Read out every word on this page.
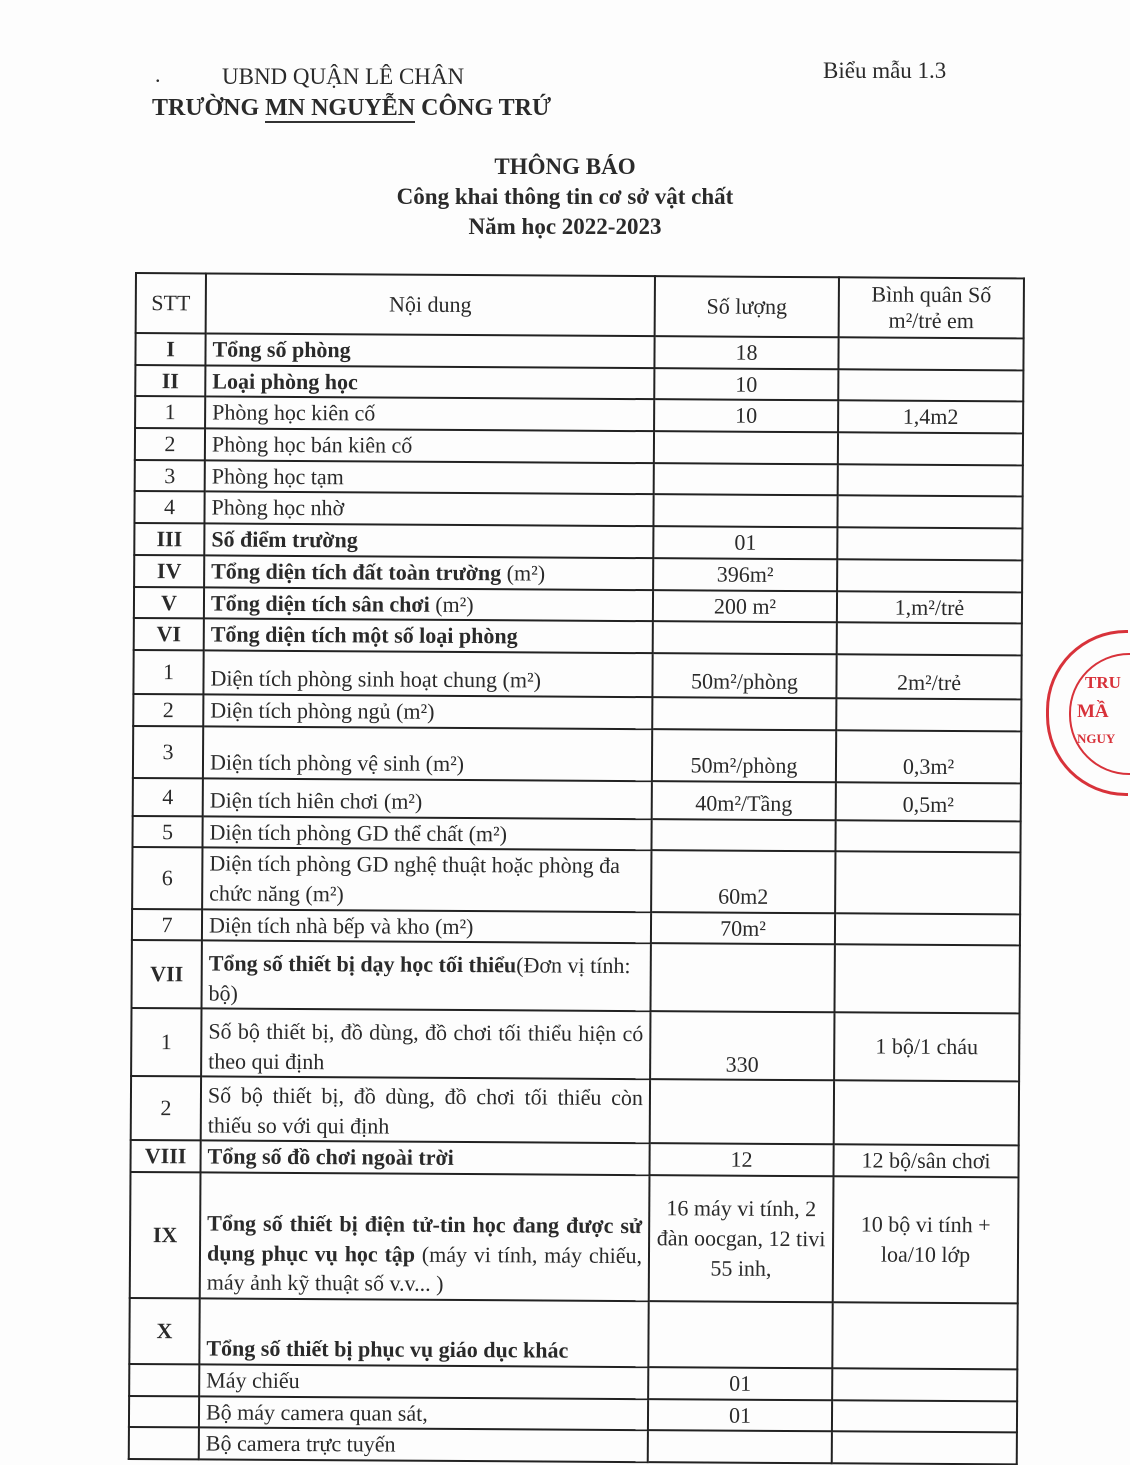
.	UBND QUẬN LÊ CHÂN
TRƯỜNG MN NGUYỄN CÔNG TRỨ
Biểu mẫu 1.3
THÔNG BÁO
Công khai thông tin cơ sở vật chất
Năm học 2022-2023
STT	Nội dung	Số lượng	Bình quân Số m²/trẻ em
I	Tổng số phòng	18	
II	Loại phòng học	10	
1	Phòng học kiên cố	10	1,4m2
2	Phòng học bán kiên cố		
3	Phòng học tạm		
4	Phòng học nhờ		
III	Số điểm trường	01	
IV	Tổng diện tích đất toàn trường (m²)	396m²	
V	Tổng diện tích sân chơi (m²)	200 m²	1,m²/trẻ
VI	Tổng diện tích một số loại phòng		
1	Diện tích phòng sinh hoạt chung (m²)	50m²/phòng	2m²/trẻ
2	Diện tích phòng ngủ (m²)		
3	Diện tích phòng vệ sinh (m²)	50m²/phòng	0,3m²
4	Diện tích hiên chơi (m²)	40m²/Tầng	0,5m²
5	Diện tích phòng GD thể chất (m²)		
6	Diện tích phòng GD nghệ thuật hoặc phòng đa chức năng (m²)	60m2	
7	Diện tích nhà bếp và kho (m²)	70m²	
VII	Tổng số thiết bị dạy học tối thiểu(Đơn vị tính: bộ)		
1	Số bộ thiết bị, đồ dùng, đồ chơi tối thiểu hiện có theo qui định	330	1 bộ/1 cháu
2	Số bộ thiết bị, đồ dùng, đồ chơi tối thiểu còn thiếu so với qui định		
VIII	Tổng số đồ chơi ngoài trời	12	12 bộ/sân chơi
IX	Tổng số thiết bị điện tử-tin học đang được sử dụng phục vụ học tập (máy vi tính, máy chiếu, máy ảnh kỹ thuật số v.v... )	16 máy vi tính, 2 đàn oocgan, 12 tivi 55 inh,	10 bộ vi tính + loa/10 lớp
X	Tổng số thiết bị phục vụ giáo dục khác		
	Máy chiếu	01	
	Bộ máy camera quan sát,	01	
	Bộ camera trực tuyến		
TRU
MẦ
NGUY
